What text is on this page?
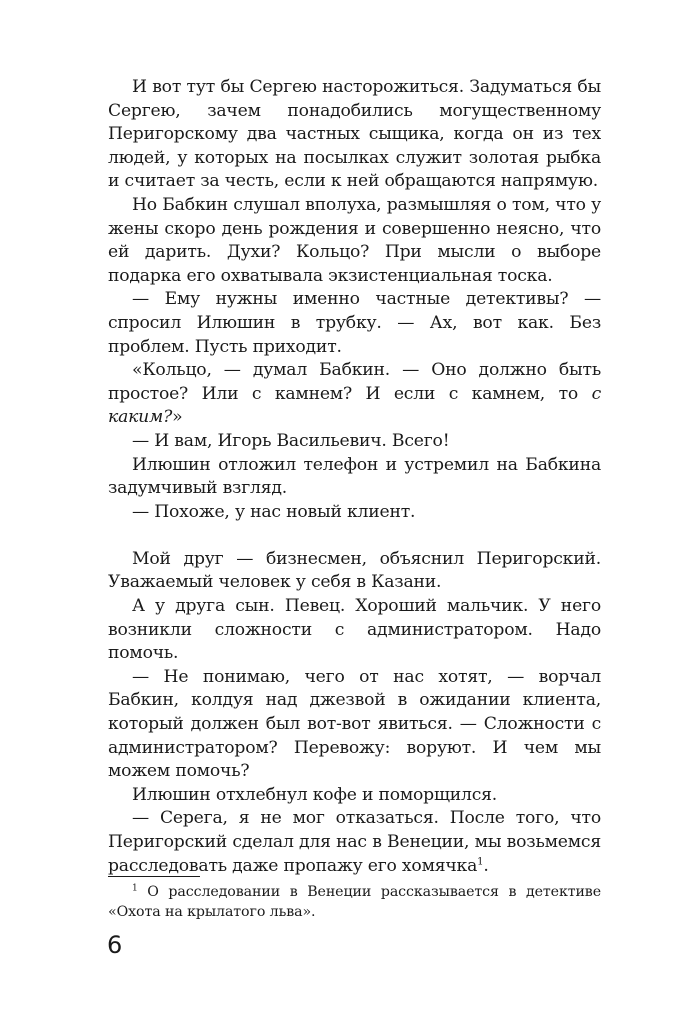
И вот тут бы Сергею насторожиться. Задуматься бы Сергею, зачем понадобились могущественному Перигорскому два частных сыщика, когда он из тех людей, у которых на посылках служит золотая рыбка и считает за честь, если к ней обращаются напрямую.

Но Бабкин слушал вполуха, размышляя о том, что у жены скоро день рождения и совершенно неясно, что ей дарить. Духи? Кольцо? При мысли о выборе подарка его охватывала экзистенциальная тоска.

— Ему нужны именно частные детективы? — спросил Илюшин в трубку. — Ах, вот как. Без проблем. Пусть приходит.

«Кольцо, — думал Бабкин. — Оно должно быть простое? Или с камнем? И если с камнем, то с каким?»

— И вам, Игорь Васильевич. Всего!

Илюшин отложил телефон и устремил на Бабкина задумчивый взгляд.

— Похоже, у нас новый клиент.

Мой друг — бизнесмен, объяснил Перигорский. Уважаемый человек у себя в Казани.

А у друга сын. Певец. Хороший мальчик. У него возникли сложности с администратором. Надо помочь.

— Не понимаю, чего от нас хотят, — ворчал Бабкин, колдуя над джезвой в ожидании клиента, который должен был вот-вот явиться. — Сложности с администратором? Перевожу: воруют. И чем мы можем помочь?

Илюшин отхлебнул кофе и поморщился.

— Серега, я не мог отказаться. После того, что Перигорский сделал для нас в Венеции, мы возьмемся расследовать даже пропажу его хомячка$^1$.

$^1$ О расследовании в Венеции рассказывается в детективе «Охота на крылатого льва».

6
